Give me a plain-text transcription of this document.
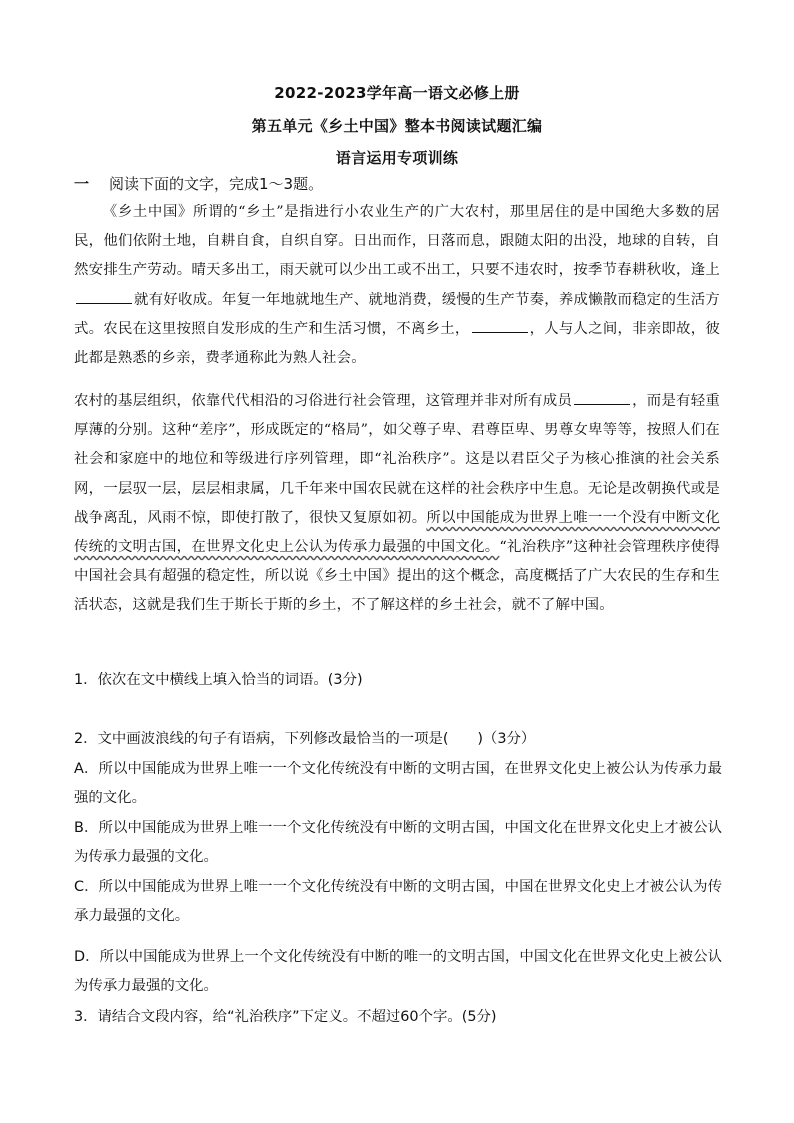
2022-2023学年高一语文必修上册
第五单元《乡土中国》整本书阅读试题汇编
语言运用专项训练
一 阅读下面的文字，完成1～3题。
《乡土中国》所谓的“乡土”是指进行小农业生产的广大农村，那里居住的是中国绝大多数的居民，他们依附土地，自耕自食，自织自穿。日出而作，日落而息，跟随太阳的出没，地球的自转，自然安排生产劳动。晴天多出工，雨天就可以少出工或不出工，只要不违农时，按季节春耕秋收，逢上就有好收成。年复一年地就地生产、就地消费，缓慢的生产节奏，养成懒散而稳定的生活方式。农民在这里按照自发形成的生产和生活习惯，不离乡土，	，人与人之间，非亲即故，彼此都是熟悉的乡亲，费孝通称此为熟人社会。
农村的基层组织，依靠代代相沿的习俗进行社会管理，这管理并非对所有成员	，而是有轻重厚薄的分别。这种“差序”，形成既定的“格局”，如父尊子卑、君尊臣卑、男尊女卑等等，按照人们在社会和家庭中的地位和等级进行序列管理，即“礼治秩序”。这是以君臣父子为核心推演的社会关系网，一层驭一层，层层相隶属，几千年来中国农民就在这样的社会秩序中生息。无论是改朝换代或是战争离乱，风雨不惊，即使打散了，很快又复原如初。所以中国能成为世界上唯一一个没有中断文化传统的文明古国，在世界文化史上公认为传承力最强的中国文化。“礼治秩序”这种社会管理秩序使得中国社会具有超强的稳定性，所以说《乡土中国》提出的这个概念，高度概括了广大农民的生存和生活状态，这就是我们生于斯长于斯的乡土，不了解这样的乡土社会，就不了解中国。
1．依次在文中横线上填入恰当的词语。(3分)
2．文中画波浪线的句子有语病，下列修改最恰当的一项是(　　)（3分）
A．所以中国能成为世界上唯一一个文化传统没有中断的文明古国，在世界文化史上被公认为传承力最强的文化。
B．所以中国能成为世界上唯一一个文化传统没有中断的文明古国，中国文化在世界文化史上才被公认为传承力最强的文化。
C．所以中国能成为世界上唯一一个文化传统没有中断的文明古国，中国在世界文化史上才被公认为传承力最强的文化。
D．所以中国能成为世界上一个文化传统没有中断的唯一的文明古国，中国文化在世界文化史上被公认为传承力最强的文化。
3．请结合文段内容，给“礼治秩序”下定义。不超过60个字。(5分)
